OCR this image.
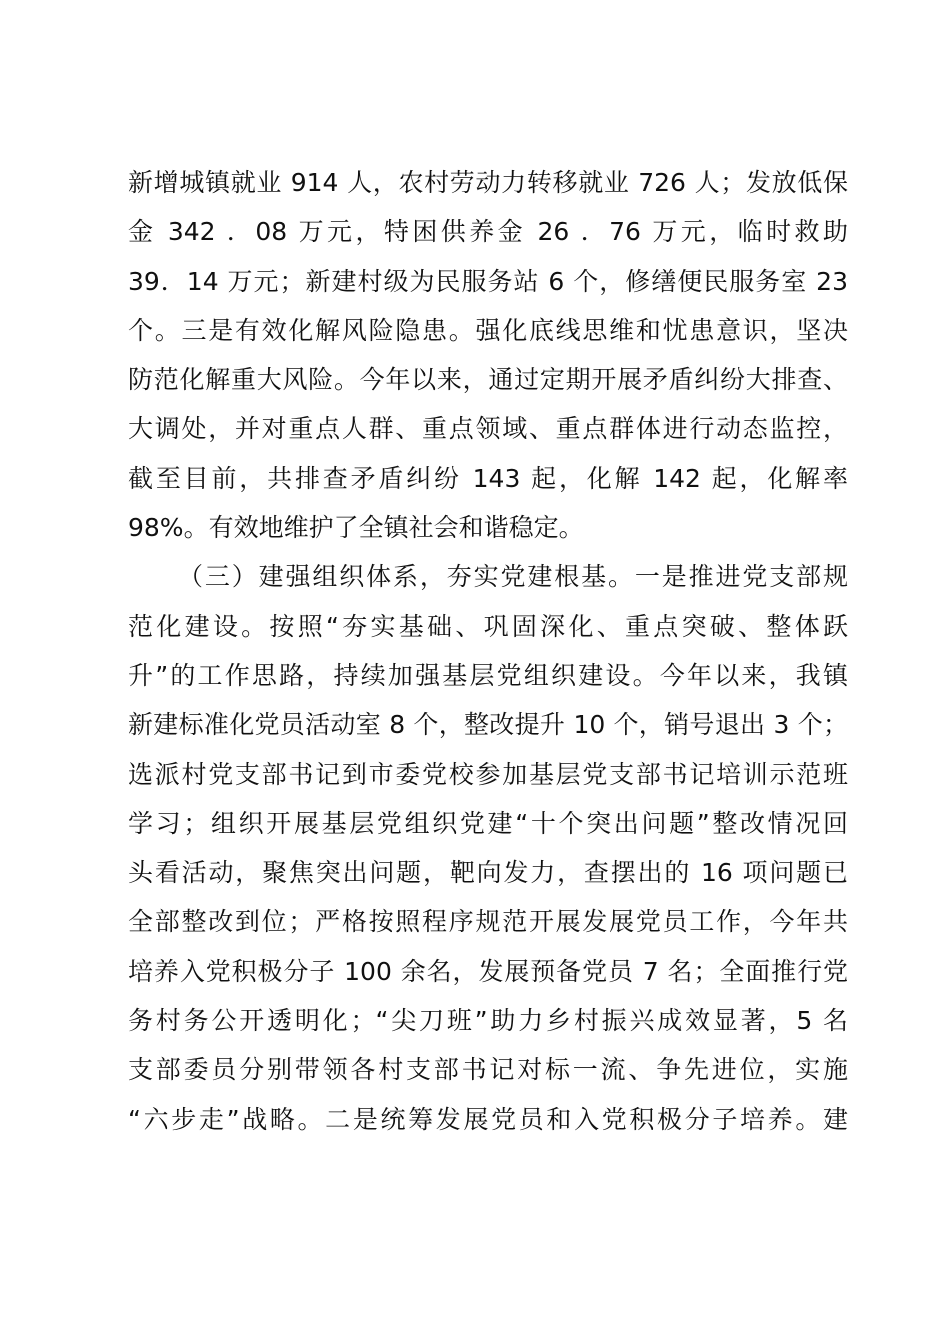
新增城镇就业 914 人，农村劳动力转移就业 726 人；发放低保
金 342 ．08 万元，特困供养金 26 ．76 万元，临时救助
39．14 万元；新建村级为民服务站 6 个，修缮便民服务室 23
个。三是有效化解风险隐患。强化底线思维和忧患意识，坚决
防范化解重大风险。今年以来，通过定期开展矛盾纠纷大排查、
大调处，并对重点人群、重点领域、重点群体进行动态监控，
截至目前，共排查矛盾纠纷 143 起，化解 142 起，化解率
98%。有效地维护了全镇社会和谐稳定。
（三）建强组织体系，夯实党建根基。一是推进党支部规
范化建设。按照“夯实基础、巩固深化、重点突破、整体跃
升”的工作思路，持续加强基层党组织建设。今年以来，我镇
新建标准化党员活动室 8 个，整改提升 10 个，销号退出 3 个；
选派村党支部书记到市委党校参加基层党支部书记培训示范班
学习；组织开展基层党组织党建“十个突出问题”整改情况回
头看活动，聚焦突出问题，靶向发力，查摆出的 16 项问题已
全部整改到位；严格按照程序规范开展发展党员工作，今年共
培养入党积极分子 100 余名，发展预备党员 7 名；全面推行党
务村务公开透明化；“尖刀班”助力乡村振兴成效显著，5 名
支部委员分别带领各村支部书记对标一流、争先进位，实施
“六步走”战略。二是统筹发展党员和入党积极分子培养。建
